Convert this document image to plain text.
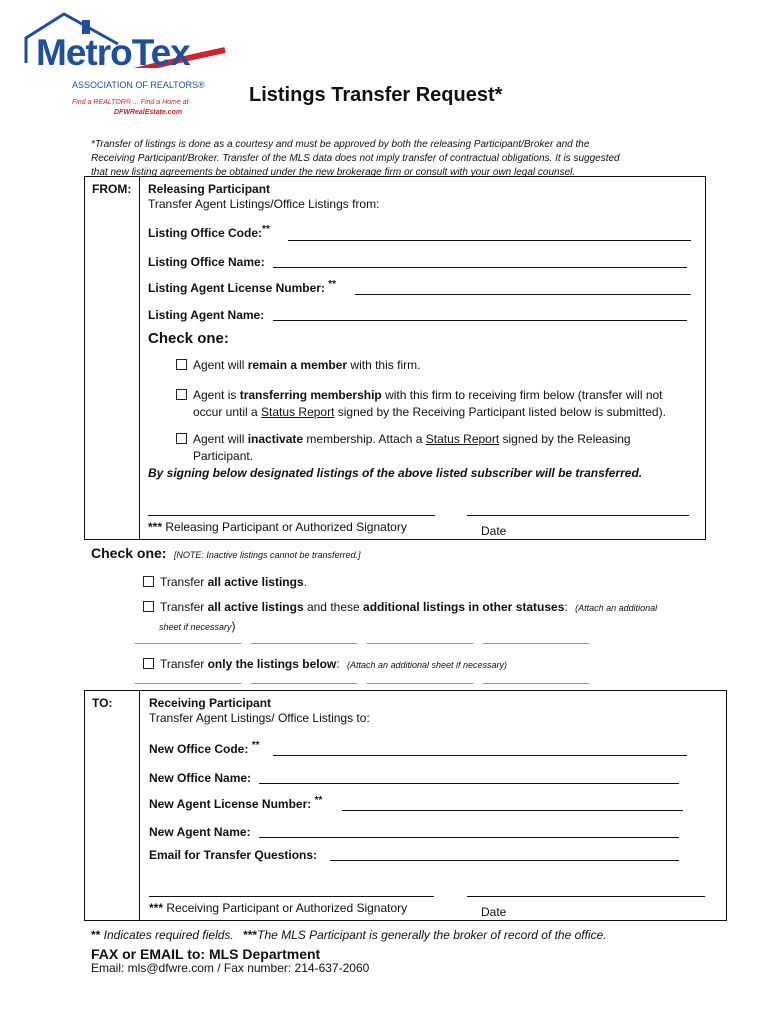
MetroTex
ASSOCIATION OF REALTORS®
Find a REALTOR® ... Find a Home at
DFWRealEstate.com
Listings Transfer Request*
*Transfer of listings is done as a courtesy and must be approved by both the releasing Participant/Broker and the
Receiving Participant/Broker. Transfer of the MLS data does not imply transfer of contractual obligations. It is suggested
that new listing agreements be obtained under the new brokerage firm or consult with your own legal counsel.
FROM: Releasing Participant
Transfer Agent Listings/Office Listings from:
Listing Office Code:**
Listing Office Name:
Listing Agent License Number: **
Listing Agent Name:
Check one:
Agent will remain a member with this firm.
Agent is transferring membership with this firm to receiving firm below (transfer will not
occur until a Status Report signed by the Receiving Participant listed below is submitted).
Agent will inactivate membership. Attach a Status Report signed by the Releasing
Participant.
By signing below designated listings of the above listed subscriber will be transferred.
*** Releasing Participant or Authorized Signatory	Date
Check one: [NOTE: Inactive listings cannot be transferred.]
Transfer all active listings.
Transfer all active listings and these additional listings in other statuses: (Attach an additional
sheet if necessary)
Transfer only the listings below: (Attach an additional sheet if necessary)
TO:	Receiving Participant
Transfer Agent Listings/ Office Listings to:
New Office Code: **
New Office Name:
New Agent License Number: **
New Agent Name:
Email for Transfer Questions:
*** Receiving Participant or Authorized Signatory	Date
** Indicates required fields. ***The MLS Participant is generally the broker of record of the office.
FAX or EMAIL to: MLS Department
Email: mls@dfwre.com / Fax number: 214-637-2060
